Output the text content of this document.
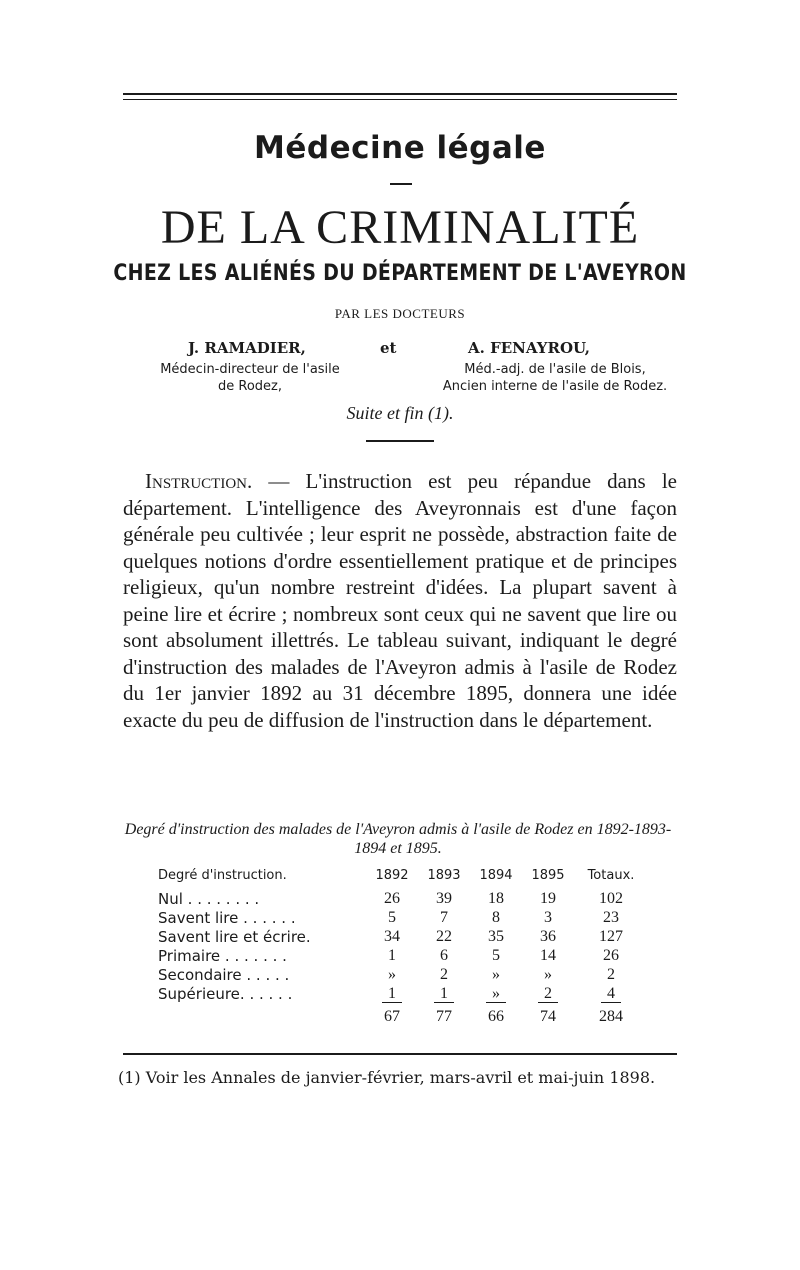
Médecine légale
DE LA CRIMINALITÉ
CHEZ LES ALIÉNÉS DU DÉPARTEMENT DE L'AVEYRON
PAR LES DOCTEURS
J. RAMADIER,	et	A. FENAYROU,
Médecin-directeur de l'asile
de Rodez,
Méd.-adj. de l'asile de Blois,
Ancien interne de l'asile de Rodez.
Suite et fin (1).
Instruction. — L'instruction est peu répandue dans le département. L'intelligence des Aveyronnais est d'une façon générale peu cultivée ; leur esprit ne possède, abstraction faite de quelques notions d'ordre essentiellement pratique et de principes religieux, qu'un nombre restreint d'idées. La plupart savent à peine lire et écrire ; nombreux sont ceux qui ne savent que lire ou sont absolument illettrés. Le tableau suivant, indiquant le degré d'instruction des malades de l'Aveyron admis à l'asile de Rodez du 1er janvier 1892 au 31 décembre 1895, donnera une idée exacte du peu de diffusion de l'instruction dans le département.
Degré d'instruction des malades de l'Aveyron admis à l'asile de Rodez en 1892-1893-1894 et 1895.
Degré d'instruction.	1892	1893	1894	1895	Totaux.
Nul . . . . . . . .	26	39	18	19	102
Savent lire . . . . . .	5	7	8	3	23
Savent lire et écrire.	34	22	35	36	127
Primaire . . . . . . .	1	6	5	14	26
Secondaire . . . . .	»	2	»	»	2
Supérieure. . . . . .	1	1	»	2	4
	67	77	66	74	284
(1) Voir les Annales de janvier-février, mars-avril et mai-juin 1898.
